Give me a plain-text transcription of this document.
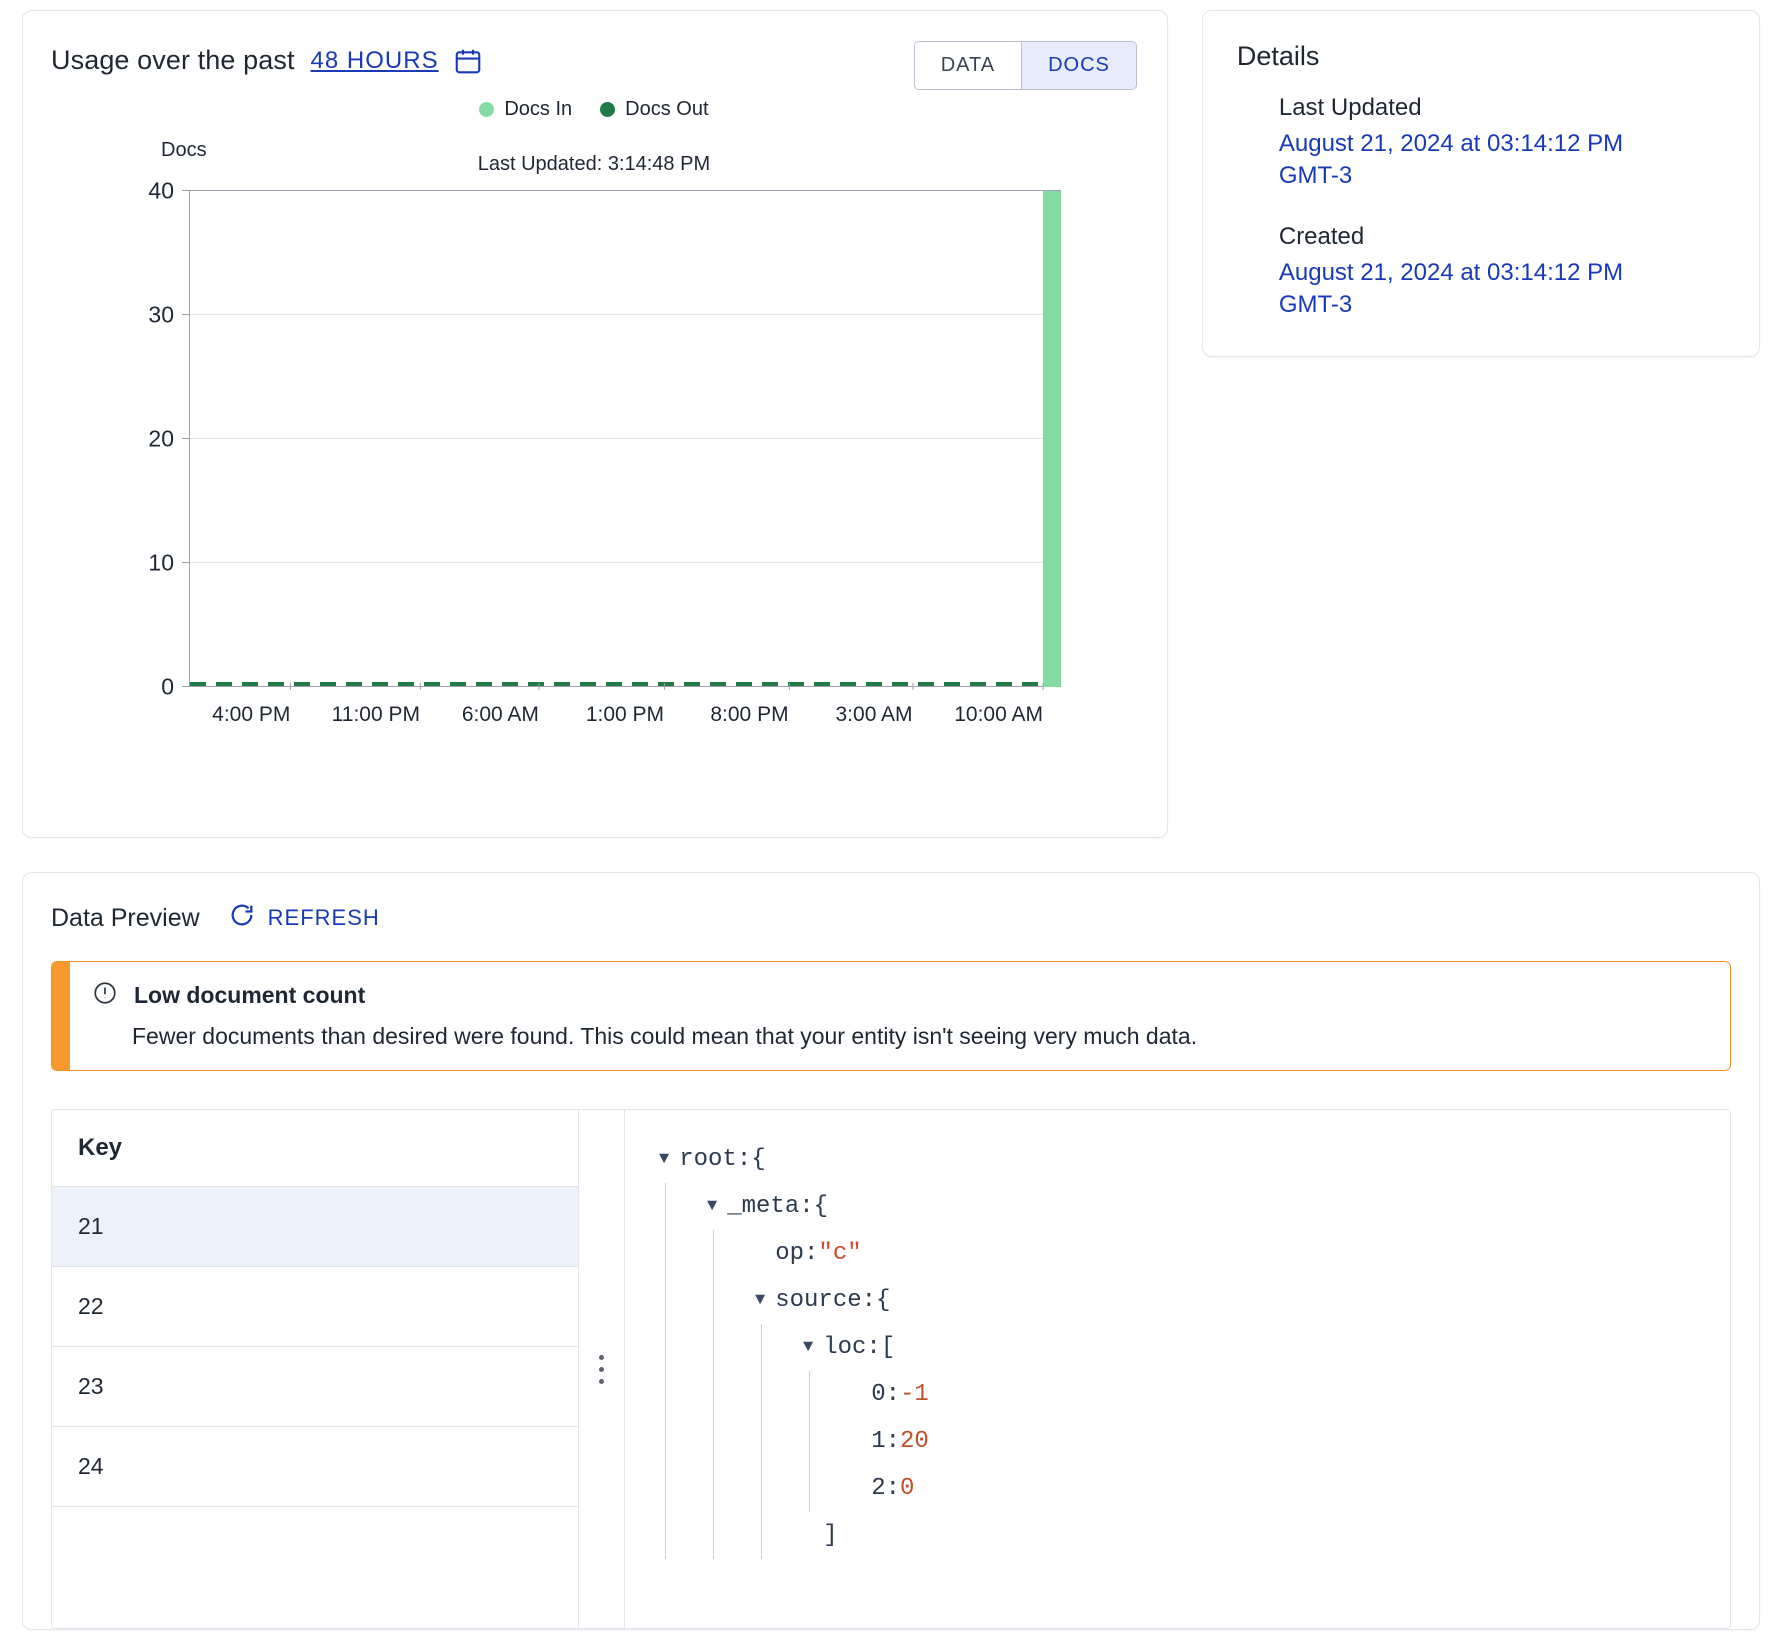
Usage over the past 48 HOURS	DATA	DOCS
Docs In	Docs Out
Docs
Last Updated: 3:14:48 PM
0
10
20
30
40
4:00 PM 11:00 PM 6:00 AM 1:00 PM 8:00 PM 3:00 AM 10:00 AM
Details
Last Updated
August 21, 2024 at 03:14:12 PM GMT-3
Created
August 21, 2024 at 03:14:12 PM GMT-3
Data Preview	REFRESH
Low document count
Fewer documents than desired were found. This could mean that your entity isn't seeing very much data.
Key
21
22
23
24
▼ root : {
▼ _meta : {
op : "c"
▼ source : {
▼ loc : [
0 : -1
1 : 20
2 : 0
]
